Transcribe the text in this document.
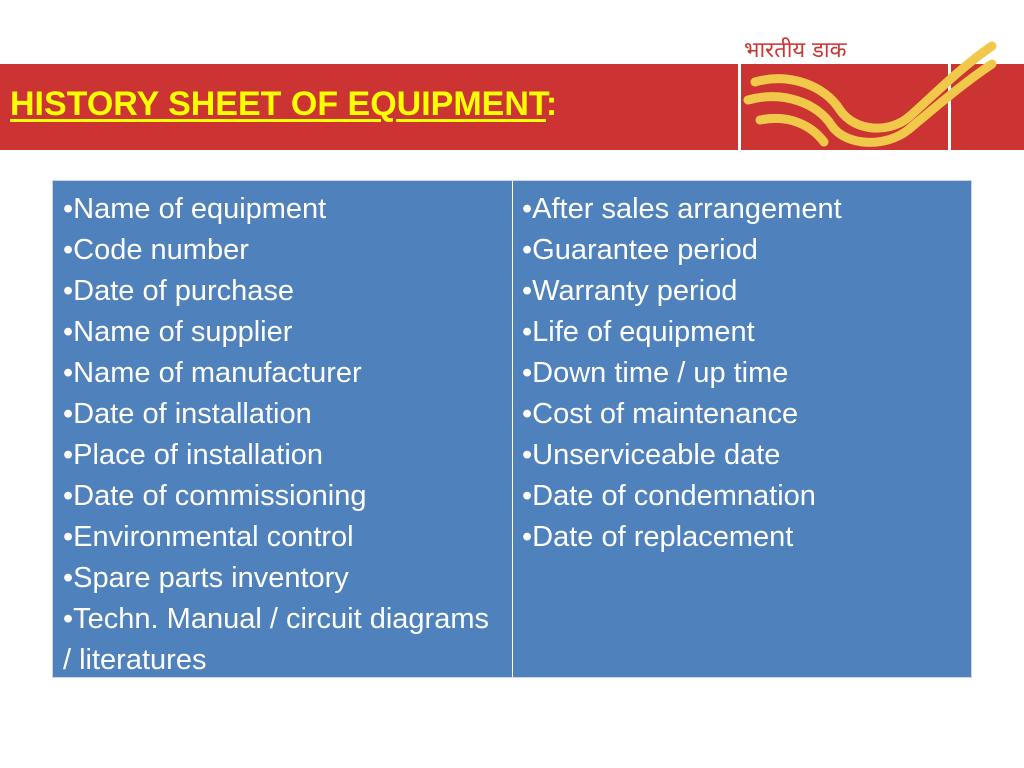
HISTORY SHEET OF EQUIPMENT:
भारतीय डाक
• Name of equipment
• Code number
• Date of purchase
• Name of supplier
• Name of manufacturer
• Date of installation
• Place of installation
• Date of commissioning
• Environmental control
• Spare parts inventory
• Techn. Manual / circuit diagrams / literatures
• After sales arrangement
• Guarantee period
• Warranty period
• Life of equipment
• Down time / up time
• Cost of maintenance
• Unserviceable date
• Date of condemnation
• Date of replacement
